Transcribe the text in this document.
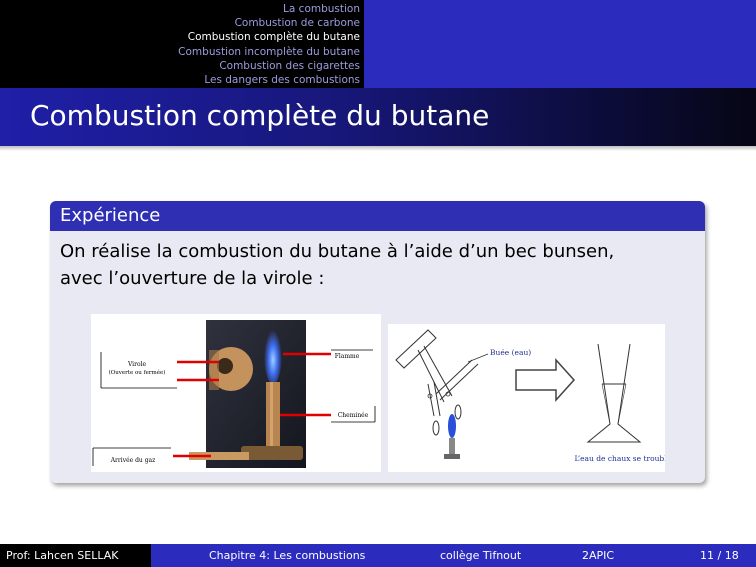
La combustion
Combustion de carbone
Combustion complète du butane
Combustion incomplète du butane
Combustion des cigarettes
Les dangers des combustions
Combustion complète du butane
Expérience
On réalise la combustion du butane à l’aide d’un bec bunsen,
avec l’ouverture de la virole :
Virole
(Ouverte ou fermée)
Flamme
Cheminée
Arrivée du gaz
Buée (eau)
L’eau de chaux se trouble.
Prof: Lahcen SELLAK	Chapitre 4: Les combustions	collège Tifnout	2APIC	11 / 18
